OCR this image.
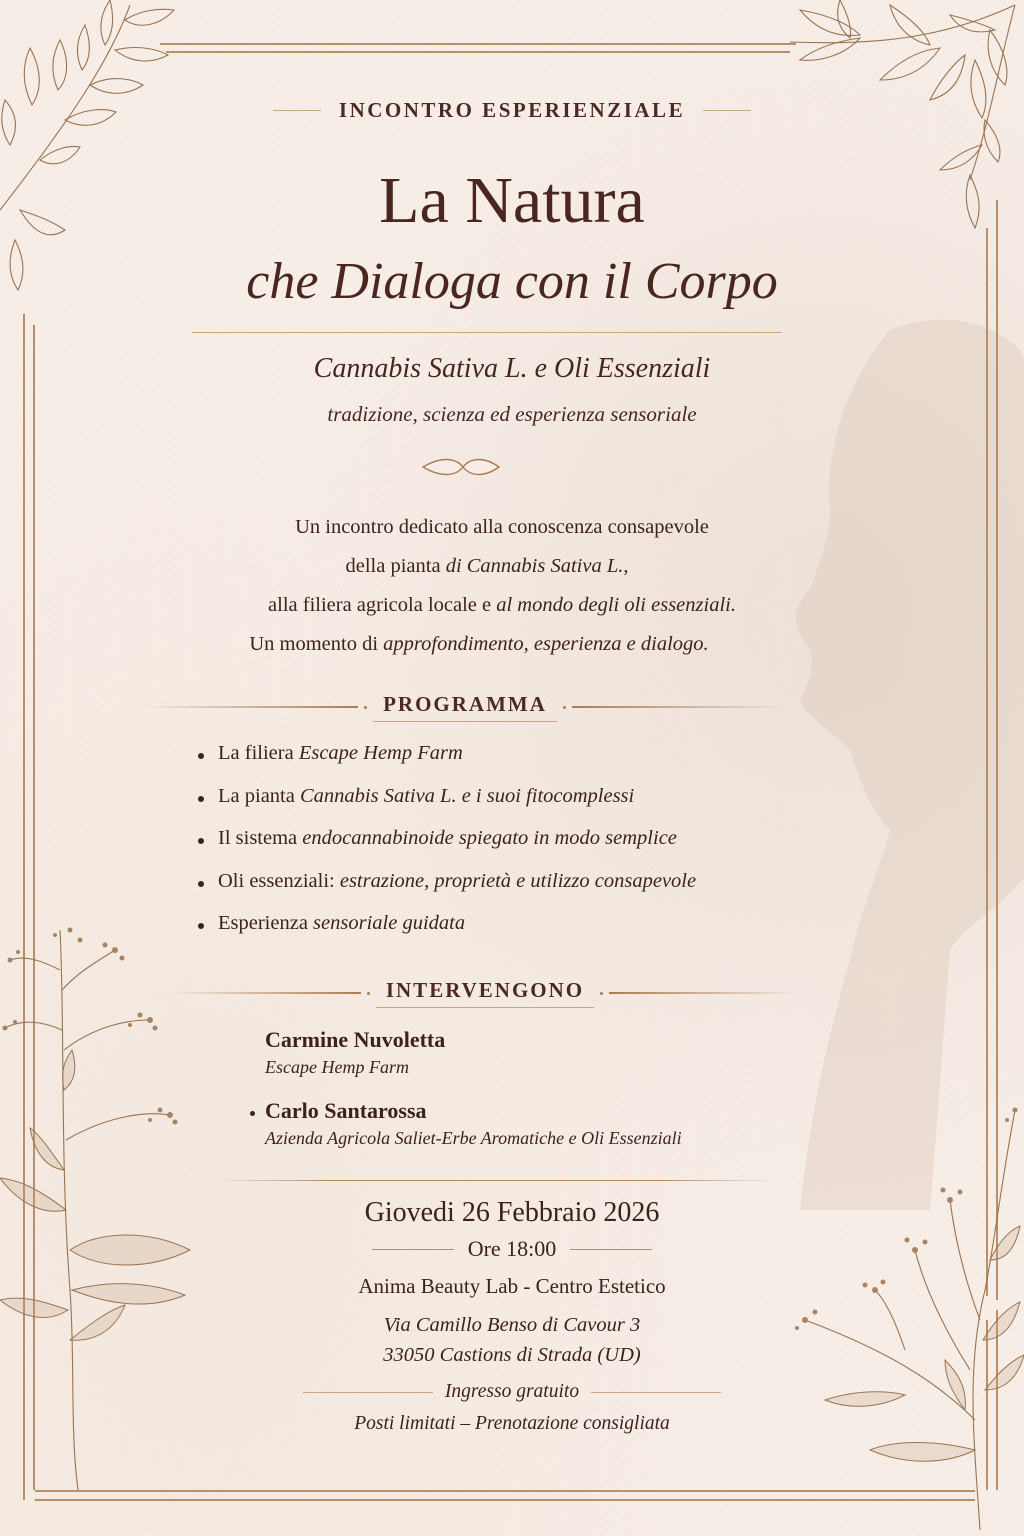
INCONTRO ESPERIENZIALE
La Natura
che Dialoga con il Corpo
Cannabis Sativa L. e Oli Essenziali
tradizione, scienza ed esperienza sensoriale
Un incontro dedicato alla conoscenza consapevole
della pianta di Cannabis Sativa L.,
alla filiera agricola locale e al mondo degli oli essenziali.
Un momento di approfondimento, esperienza e dialogo.
PROGRAMMA
La filiera Escape Hemp Farm
La pianta Cannabis Sativa L. e i suoi fitocomplessi
Il sistema endocannabinoide spiegato in modo semplice
Oli essenziali: estrazione, proprietà e utilizzo consapevole
Esperienza sensoriale guidata
INTERVENGONO
Carmine Nuvoletta
Escape Hemp Farm
Carlo Santarossa
Azienda Agricola Saliet-Erbe Aromatiche e Oli Essenziali
Giovedi 26 Febbraio 2026
Ore 18:00
Anima Beauty Lab - Centro Estetico
Via Camillo Benso di Cavour 3
33050 Castions di Strada (UD)
Ingresso gratuito
Posti limitati – Prenotazione consigliata
